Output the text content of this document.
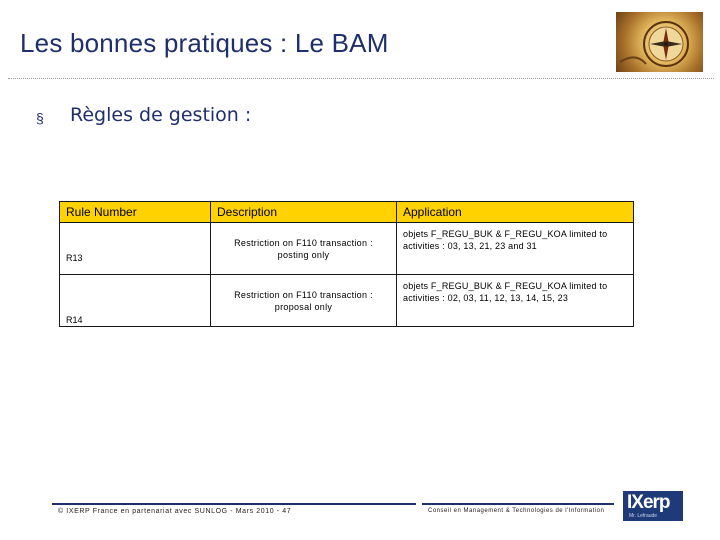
Les bonnes pratiques : Le BAM
§ Règles de gestion :
Rule Number	Description	Application

R13	Restriction on F110 transaction : posting only	objets F_REGU_BUK & F_REGU_KOA limited to activities : 03, 13, 21, 23 and 31

R14	Restriction on F110 transaction : proposal only	objets F_REGU_BUK & F_REGU_KOA limited to activities : 02, 03, 11, 12, 13, 14, 15, 23
© IXERP France en partenariat avec SUNLOG - Mars 2010 - 47	Conseil en Management & Technologies de l'Information IXerp
Mr. Lefraude
